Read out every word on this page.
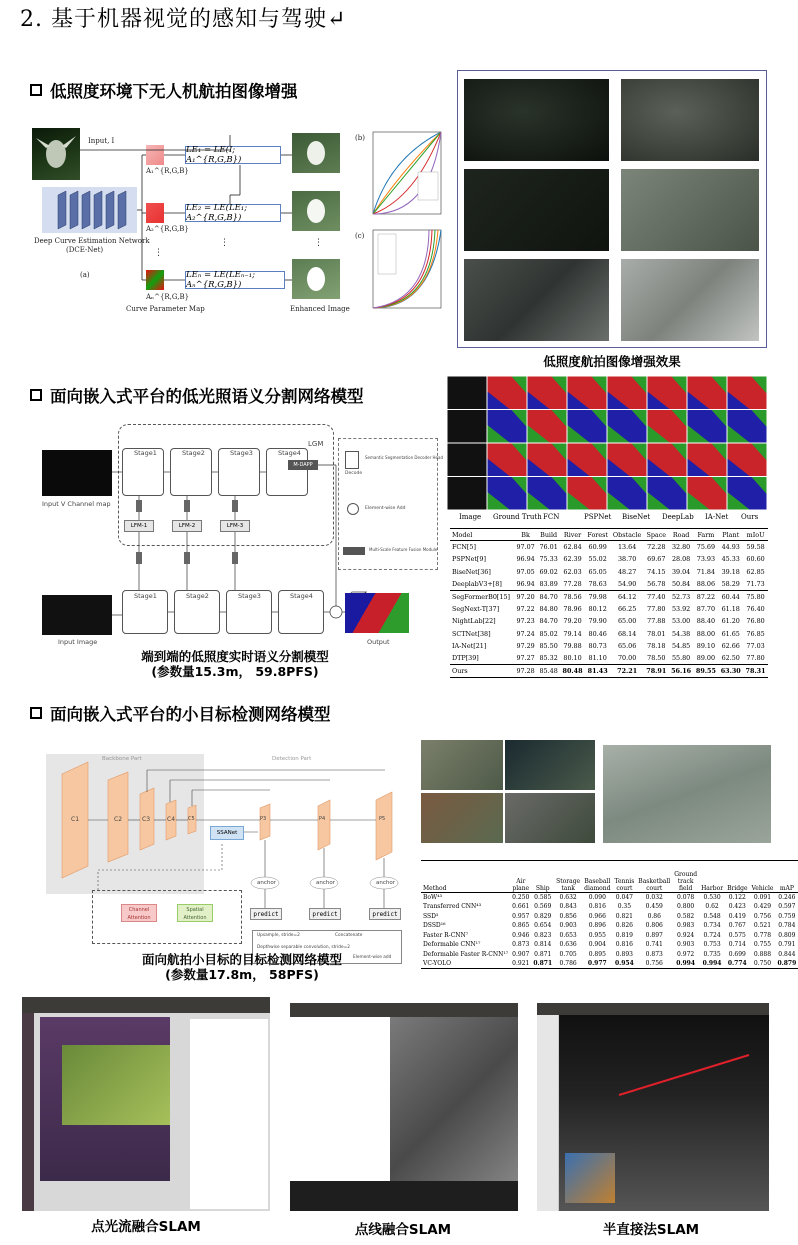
2. 基于机器视觉的感知与驾驶↵
低照度环境下无人机航拍图像增强
Input, I
Deep Curve Estimation Network
(DCE-Net)
(a)
A₁^{R,G,B}
A₂^{R,G,B}
Aₙ^{R,G,B}
Curve Parameter Map
LE₁ = LE(I; A₁^{R,G,B})
LE₂ = LE(LE₁; A₂^{R,G,B})
LEₙ = LE(LEₙ₋₁; Aₙ^{R,G,B})
⋮
⋮
⋮
Enhanced Image
(b)
(c)
低照度航拍图像增强效果
面向嵌入式平台的低光照语义分割网络模型
Input V Channel map
Input Image
LGM
Stage1	Stage2	Stage3	Stage4
M-DAPP
LFM-1	LFM-2	LFM-3
Stage1	Stage2	Stage3	Stage4
Output
Decode
Semantic Segmentation Decoder Head
Element-wise Add
Multi-Scale Feature Fusion Module
端到端的低照度实时语义分割模型
(参数量15.3m， 59.8PFS)
Image Ground Truth FCN	PSPNet BiseNet DeepLab IA-Net Ours
Model	Bk	Build	River	Forest	Obstacle	Space	Road	Farm	Plant	mIoU
FCN[5]	97.07	76.01	62.84	60.99	13.64	72.28	32.80	75.69	44.93	59.58
PSPNet[9]	96.94	75.33	62.39	55.02	38.70	69.67	28.08	73.93	45.33	60.60
BiseNet[36]	97.05	69.02	62.03	65.05	48.27	74.15	39.04	71.84	39.18	62.85
DeeplabV3+[8]	96.94	83.89	77.28	78.63	54.90	56.78	50.84	88.06	58.29	71.73
SegFormerB0[15]	97.20	84.70	78.56	79.98	64.12	77.40	52.73	87.22	60.44	75.80
SegNext-T[37]	97.22	84.80	78.96	80.12	66.25	77.80	53.92	87.70	61.18	76.40
NightLab[22]	97.23	84.70	79.20	79.90	65.00	77.88	53.00	88.40	61.20	76.80
SCTNet[38]	97.24	85.02	79.14	80.46	68.14	78.01	54.38	88.00	61.65	76.85
IA-Net[21]	97.29	85.50	79.88	80.73	65.06	78.18	54.85	89.10	62.66	77.03
DTP[39]	97.27	85.32	80.10	81.10	70.00	78.50	55.80	89.00	62.50	77.80
Ours	97.28	85.48	80.48	81.43	72.21	78.91	56.16	89.55	63.30	78.31
面向嵌入式平台的小目标检测网络模型
Backbone Part	Detection Part
C1	C2	C3	C4	C5	P3	P4	P5
SSANet
anchor	anchor	anchor
predict	predict	predict
Channel Attention
Spatial Attention
Upsample, stride=2	Concatenate
Depthwise separable convolution, stride=2
Element-wise add
面向航拍小目标的目标检测网络模型
(参数量17.8m， 58PFS)
Method	Air plane	Ship	Storage tank	Baseball diamond	Tennis court	Basketball court	Ground track field	Harbor	Bridge	Vehicle	mAP
BoW⁴³	0.250	0.585	0.632	0.090	0.047	0.032	0.078	0.530	0.122	0.091	0.246
Transferred CNN⁴³	0.661	0.569	0.843	0.816	0.35	0.459	0.800	0.62	0.423	0.429	0.597
SSD³	0.957	0.829	0.856	0.966	0.821	0.86	0.582	0.548	0.419	0.756	0.759
DSSD¹⁶	0.865	0.654	0.903	0.896	0.826	0.806	0.983	0.734	0.767	0.521	0.784
Faster R-CNN⁷	0.946	0.823	0.653	0.955	0.819	0.897	0.924	0.724	0.575	0.778	0.809
Deformable CNN¹⁷	0.873	0.814	0.636	0.904	0.816	0.741	0.903	0.753	0.714	0.755	0.791
Deformable Faster R-CNN¹⁷	0.907	0.871	0.705	0.895	0.893	0.873	0.972	0.735	0.699	0.888	0.844
VC-YOLO	0.921	0.871	0.786	0.977	0.954	0.756	0.994	0.994	0.774	0.750	0.879
点光流融合SLAM	点线融合SLAM	半直接法SLAM
